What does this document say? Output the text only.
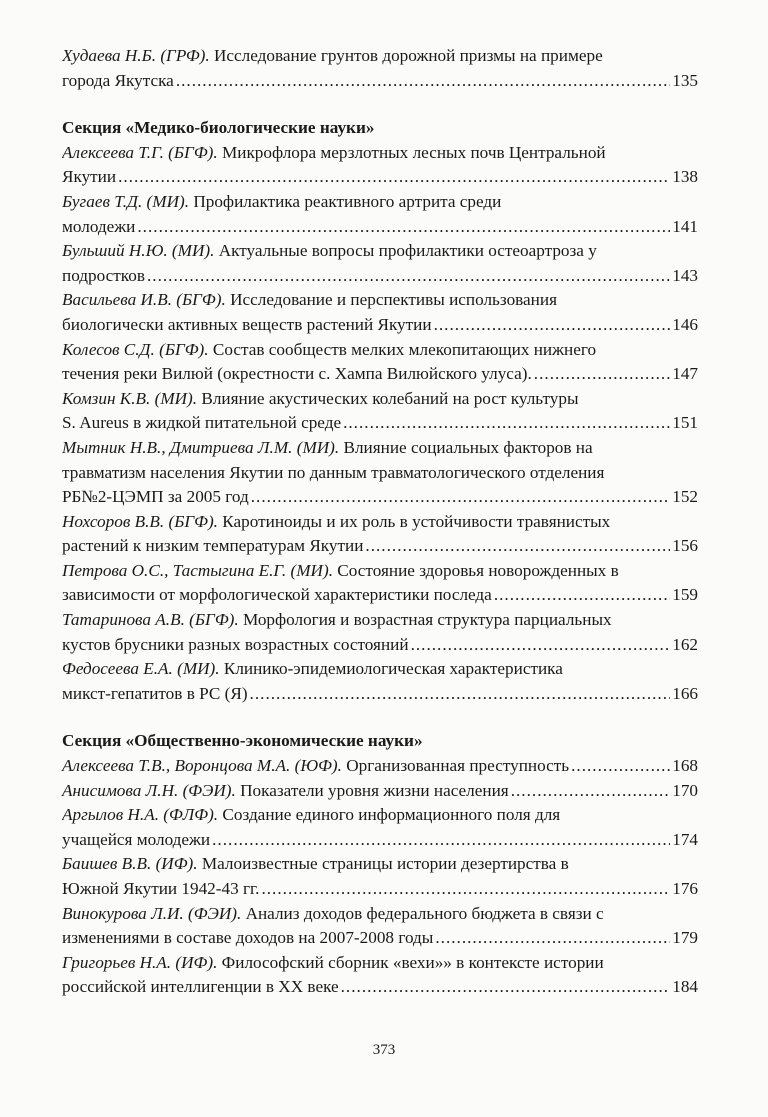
Худаева Н.Б. (ГРФ). Исследование грунтов дорожной призмы на примере
города Якутска .....	135
Секция «Медико-биологические науки»
Алексеева Т.Г. (БГФ). Микрофлора мерзлотных лесных почв Центральной
Якутии .....	138
Бугаев Т.Д. (МИ). Профилактика реактивного артрита среди
молодежи .....	141
Бульший Н.Ю. (МИ). Актуальные вопросы профилактики остеоартроза у
подростков .....	143
Васильева И.В. (БГФ). Исследование и перспективы использования
биологически активных веществ растений Якутии .....	146
Колесов С.Д. (БГФ). Состав сообществ мелких млекопитающих нижнего
течения реки Вилюй (окрестности с. Хампа Вилюйского улуса). .....	147
Комзин К.В. (МИ). Влияние акустических колебаний на рост культуры
S. Aureus в жидкой питательной среде .....	151
Мытник Н.В., Дмитриева Л.М. (МИ). Влияние социальных факторов на
травматизм населения Якутии по данным травматологического отделения
РБ№2-ЦЭМП за 2005 год .....	152
Нохсоров В.В. (БГФ). Каротиноиды и их роль в устойчивости травянистых
растений к низким температурам Якутии .....	156
Петрова О.С., Тастыгина Е.Г. (МИ). Состояние здоровья новорожденных в
зависимости от морфологической характеристики последа .....	159
Татаринова А.В. (БГФ). Морфология и возрастная структура парциальных
кустов брусники разных возрастных состояний .....	162
Федосеева Е.А. (МИ). Клинико-эпидемиологическая характеристика
микст-гепатитов в РС (Я) .....	166
Секция «Общественно-экономические науки»
Алексеева Т.В., Воронцова М.А. (ЮФ). Организованная преступность .....	168
Анисимова Л.Н. (ФЭИ). Показатели уровня жизни населения .....	170
Аргылов Н.А. (ФЛФ). Создание единого информационного поля для
учащейся молодежи .....	174
Баишев В.В. (ИФ). Малоизвестные страницы истории дезертирства в
Южной Якутии 1942-43 гг. .....	176
Винокурова Л.И. (ФЭИ). Анализ доходов федерального бюджета в связи с
изменениями в составе доходов на 2007-2008 годы .....	179
Григорьев Н.А. (ИФ). Философский сборник «вехи»» в контексте истории
российской интеллигенции в XX веке .....	184
373
